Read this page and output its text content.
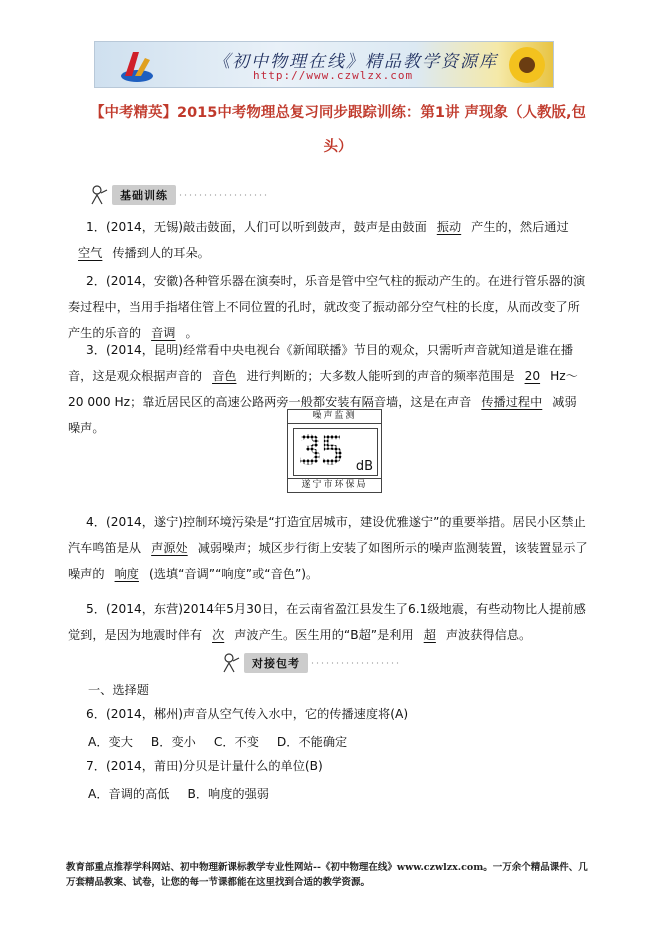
《初中物理在线》精品教学资源库
http://www.czwlzx.com
【中考精英】2015中考物理总复习同步跟踪训练：第1讲 声现象（人教版,包头）
基础训练
1．(2014，无锡)敲击鼓面，人们可以听到鼓声，鼓声是由鼓面 振动 产生的，然后通过空气 传播到人的耳朵。
2．(2014，安徽)各种管乐器在演奏时，乐音是管中空气柱的振动产生的。在进行管乐器的演奏过程中，当用手指堵住管上不同位置的孔时，就改变了振动部分空气柱的长度，从而改变了所产生的乐音的 音调 。
3．(2014，昆明)经常看中央电视台《新闻联播》节目的观众，只需听声音就知道是谁在播音，这是观众根据声音的 音色 进行判断的；大多数人能听到的声音的频率范围是 20 Hz～20 000 Hz；靠近居民区的高速公路两旁一般都安装有隔音墙，这是在声音 传播过程中 减弱噪声。
噪声监测
35 dB
遂宁市环保局
4．(2014，遂宁)控制环境污染是“打造宜居城市，建设优雅遂宁”的重要举措。居民小区禁止汽车鸣笛是从 声源处 减弱噪声；城区步行街上安装了如图所示的噪声监测装置，该装置显示了噪声的 响度 (选填“音调”“响度”或“音色”)。
5．(2014，东营)2014年5月30日，在云南省盈江县发生了6.1级地震，有些动物比人提前感觉到，是因为地震时伴有 次 声波产生。医生用的“B超”是利用 超 声波获得信息。
对接包考
一、选择题
6．(2014，郴州)声音从空气传入水中，它的传播速度将(A)
A．变大 B．变小 C．不变 D．不能确定
7．(2014，莆田)分贝是计量什么的单位(B)
A．音调的高低 B．响度的强弱
教育部重点推荐学科网站、初中物理新课标教学专业性网站--《初中物理在线》www.czwlzx.com。一万余个精品课件、几万套精品教案、试卷，让您的每一节课都能在这里找到合适的教学资源。
